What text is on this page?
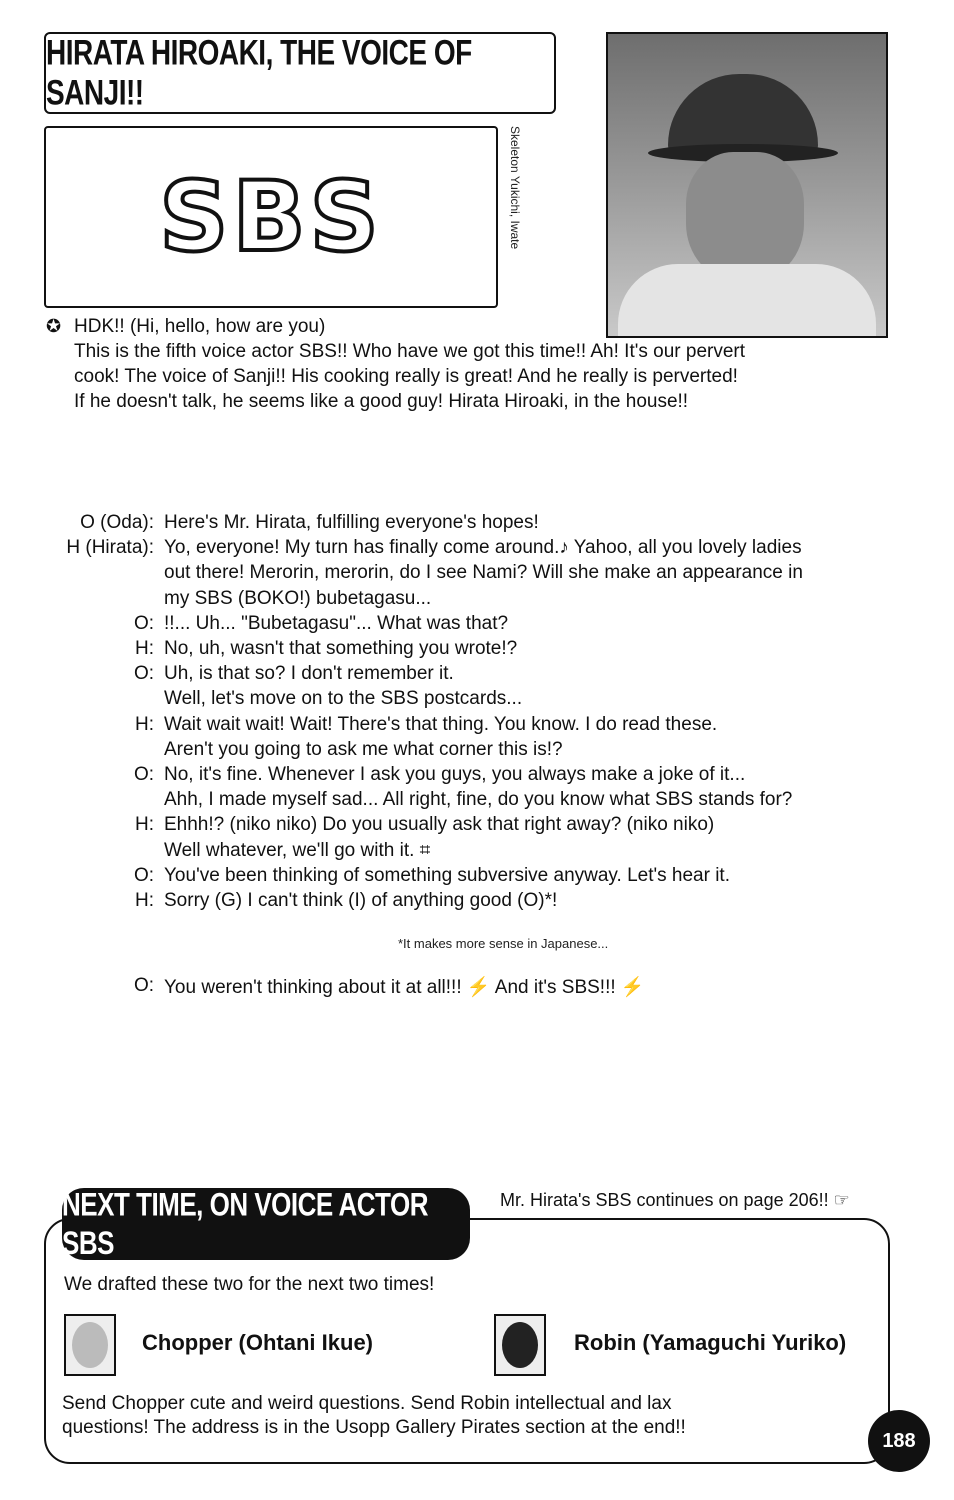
HIRATA HIROAKI, THE VOICE OF SANJI!!
SBS	Skeleton Yukichi, Iwate
✪ HDK!! (Hi, hello, how are you)
This is the fifth voice actor SBS!! Who have we got this time!! Ah! It's our pervert
cook! The voice of Sanji!! His cooking really is great! And he really is perverted!
If he doesn't talk, he seems like a good guy! Hirata Hiroaki, in the house!!
O (Oda): Here's Mr. Hirata, fulfilling everyone's hopes!
H (Hirata): Yo, everyone! My turn has finally come around.♪ Yahoo, all you lovely ladies
out there! Merorin, merorin, do I see Nami? Will she make an appearance in
my SBS (BOKO!) bubetagasu...
O: !!... Uh... "Bubetagasu"... What was that?
H: No, uh, wasn't that something you wrote!?
O: Uh, is that so? I don't remember it.
Well, let's move on to the SBS postcards...
H: Wait wait wait! Wait! There's that thing. You know. I do read these.
Aren't you going to ask me what corner this is!?
O: No, it's fine. Whenever I ask you guys, you always make a joke of it...
Ahh, I made myself sad... All right, fine, do you know what SBS stands for?
H: Ehhh!? (niko niko) Do you usually ask that right away? (niko niko)
Well whatever, we'll go with it. ⌗
O: You've been thinking of something subversive anyway. Let's hear it.
H: Sorry (G) I can't think (I) of anything good (O)*!
*It makes more sense in Japanese...
O: You weren't thinking about it at all!!! ⚡ And it's SBS!!! ⚡
Mr. Hirata's SBS continues on page 206!! ☞
NEXT TIME, ON VOICE ACTOR SBS
We drafted these two for the next two times!
Chopper (Ohtani Ikue)	Robin (Yamaguchi Yuriko)
Send Chopper cute and weird questions. Send Robin intellectual and lax
questions! The address is in the Usopp Gallery Pirates section at the end!!
188
